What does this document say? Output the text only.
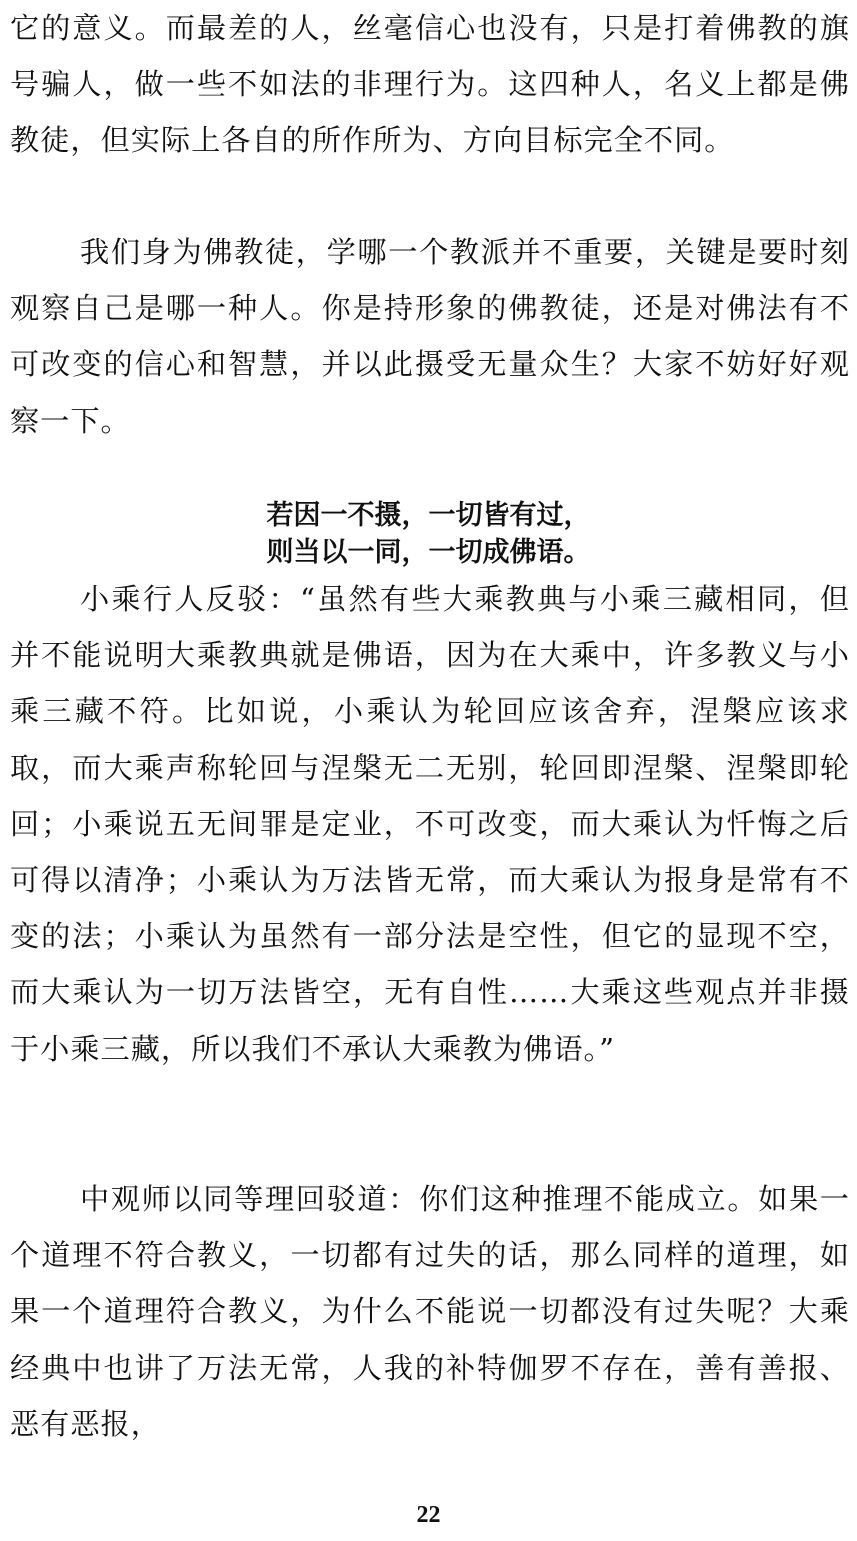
它的意义。而最差的人，丝毫信心也没有，只是打着佛教的旗号骗人，做一些不如法的非理行为。这四种人，名义上都是佛教徒，但实际上各自的所作所为、方向目标完全不同。

我们身为佛教徒，学哪一个教派并不重要，关键是要时刻观察自己是哪一种人。你是持形象的佛教徒，还是对佛法有不可改变的信心和智慧，并以此摄受无量众生？大家不妨好好观察一下。

若因一不摄，一切皆有过，

则当以一同，一切成佛语。

小乘行人反驳：“虽然有些大乘教典与小乘三藏相同，但并不能说明大乘教典就是佛语，因为在大乘中，许多教义与小乘三藏不符。比如说，小乘认为轮回应该舍弃，涅槃应该求取，而大乘声称轮回与涅槃无二无别，轮回即涅槃、涅槃即轮回；小乘说五无间罪是定业，不可改变，而大乘认为忏悔之后可得以清净；小乘认为万法皆无常，而大乘认为报身是常有不变的法；小乘认为虽然有一部分法是空性，但它的显现不空，而大乘认为一切万法皆空，无有自性……大乘这些观点并非摄于小乘三藏，所以我们不承认大乘教为佛语。”

中观师以同等理回驳道：你们这种推理不能成立。如果一个道理不符合教义，一切都有过失的话，那么同样的道理，如果一个道理符合教义，为什么不能说一切都没有过失呢？大乘经典中也讲了万法无常，人我的补特伽罗不存在，善有善报、恶有恶报，

22
